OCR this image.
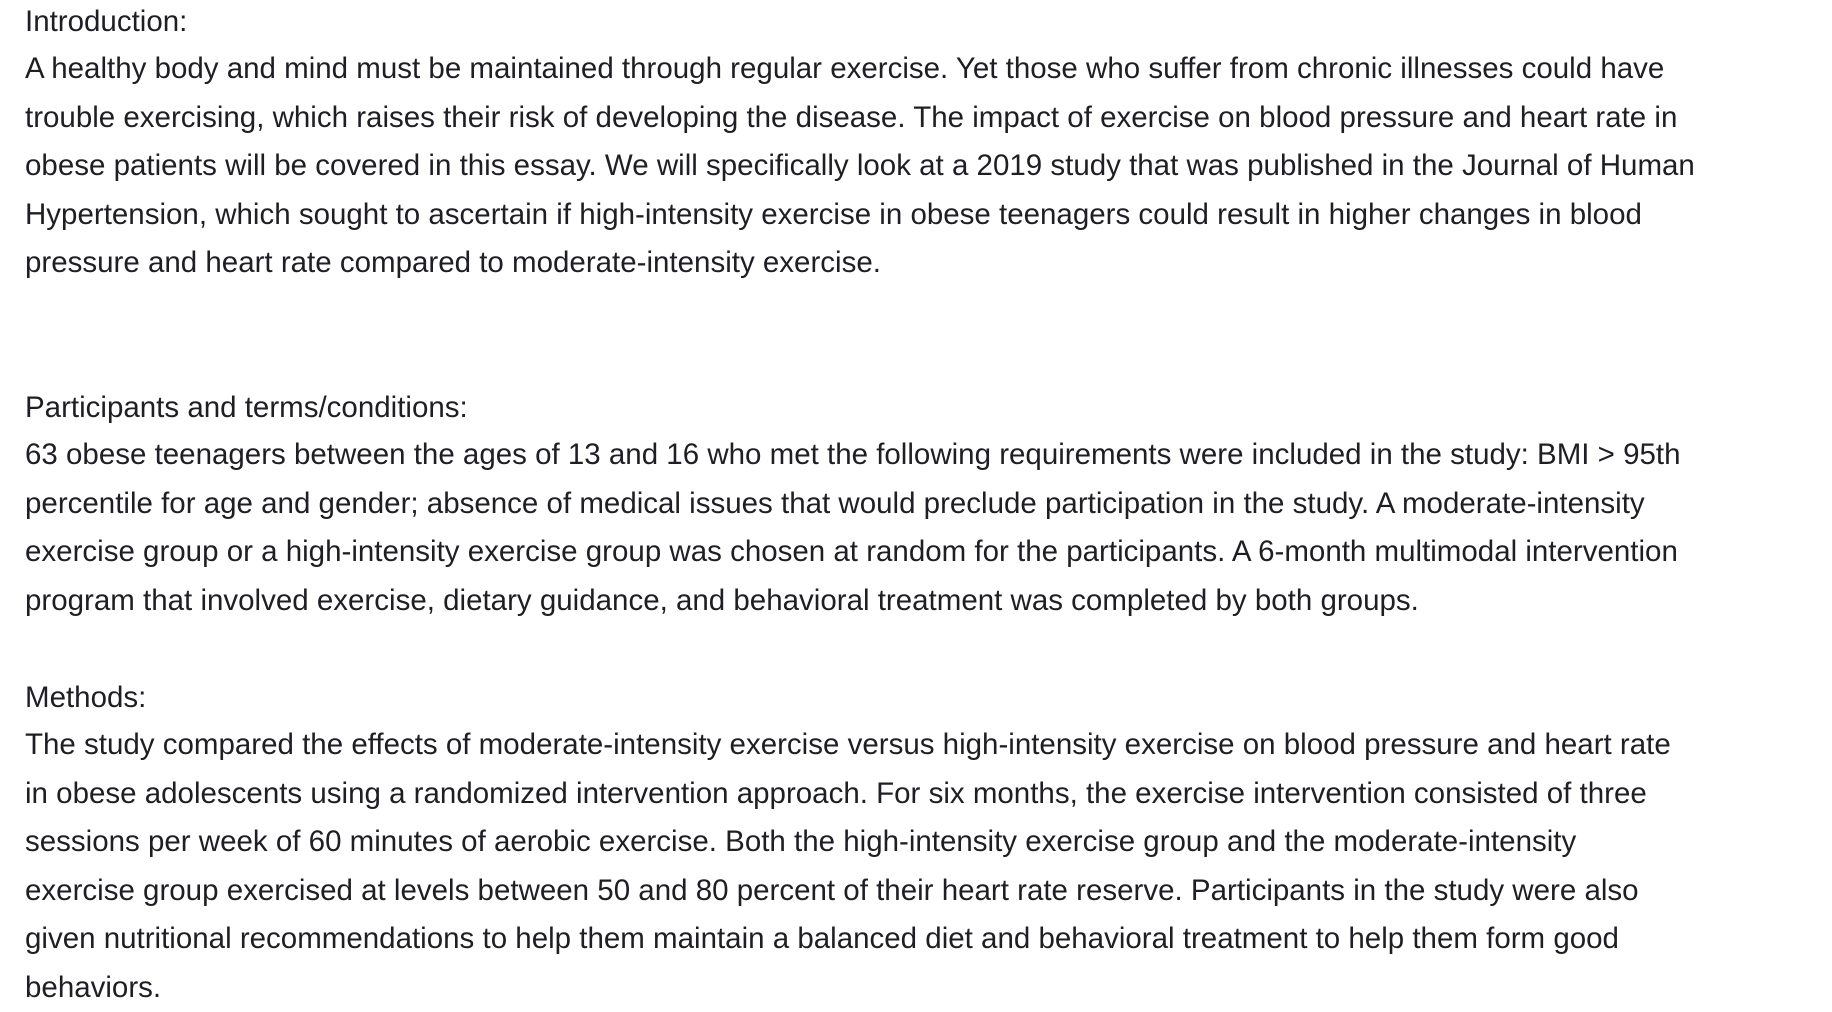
Introduction:

A healthy body and mind must be maintained through regular exercise. Yet those who suffer from chronic illnesses could have

trouble exercising, which raises their risk of developing the disease. The impact of exercise on blood pressure and heart rate in

obese patients will be covered in this essay. We will specifically look at a 2019 study that was published in the Journal of Human

Hypertension, which sought to ascertain if high-intensity exercise in obese teenagers could result in higher changes in blood

pressure and heart rate compared to moderate-intensity exercise.

Participants and terms/conditions:

63 obese teenagers between the ages of 13 and 16 who met the following requirements were included in the study: BMI > 95th

percentile for age and gender; absence of medical issues that would preclude participation in the study. A moderate-intensity

exercise group or a high-intensity exercise group was chosen at random for the participants. A 6-month multimodal intervention

program that involved exercise, dietary guidance, and behavioral treatment was completed by both groups.

Methods:

The study compared the effects of moderate-intensity exercise versus high-intensity exercise on blood pressure and heart rate

in obese adolescents using a randomized intervention approach. For six months, the exercise intervention consisted of three

sessions per week of 60 minutes of aerobic exercise. Both the high-intensity exercise group and the moderate-intensity

exercise group exercised at levels between 50 and 80 percent of their heart rate reserve. Participants in the study were also

given nutritional recommendations to help them maintain a balanced diet and behavioral treatment to help them form good

behaviors.
